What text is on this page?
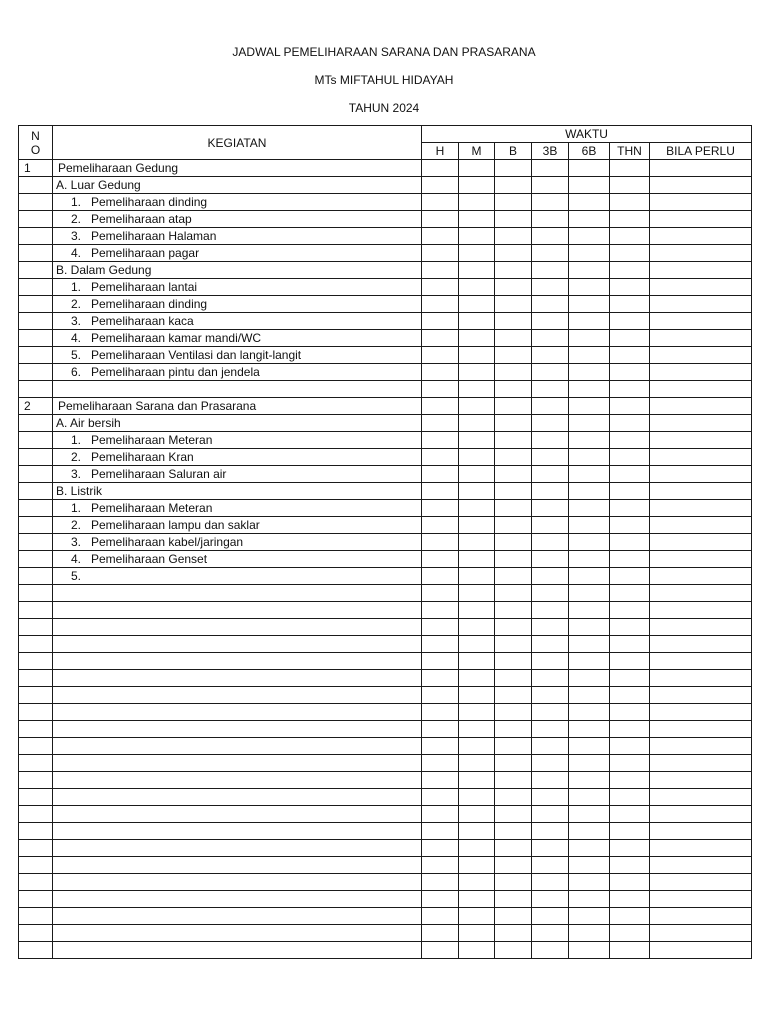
JADWAL PEMELIHARAAN SARANA DAN PRASARANA
MTs MIFTAHUL HIDAYAH
TAHUN 2024
N
O	KEGIATAN	WAKTU						
		H	M	B	3B	6B	THN	BILA PERLU
1	Pemeliharaan Gedung							
	A. Luar Gedung							
	1. Pemeliharaan dinding							
	2. Pemeliharaan atap							
	3. Pemeliharaan Halaman							
	4. Pemeliharaan pagar							
	B. Dalam Gedung							
	1. Pemeliharaan lantai							
	2. Pemeliharaan dinding							
	3. Pemeliharaan kaca							
	4. Pemeliharaan kamar mandi/WC							
	5. Pemeliharaan Ventilasi dan langit-langit							
	6. Pemeliharaan pintu dan jendela							

2	Pemeliharaan Sarana dan Prasarana							
	A. Air bersih							
	1. Pemeliharaan Meteran							
	2. Pemeliharaan Kran							
	3. Pemeliharaan Saluran air							
	B. Listrik							
	1. Pemeliharaan Meteran							
	2. Pemeliharaan lampu dan saklar							
	3. Pemeliharaan kabel/jaringan							
	4. Pemeliharaan Genset							
	5.							
